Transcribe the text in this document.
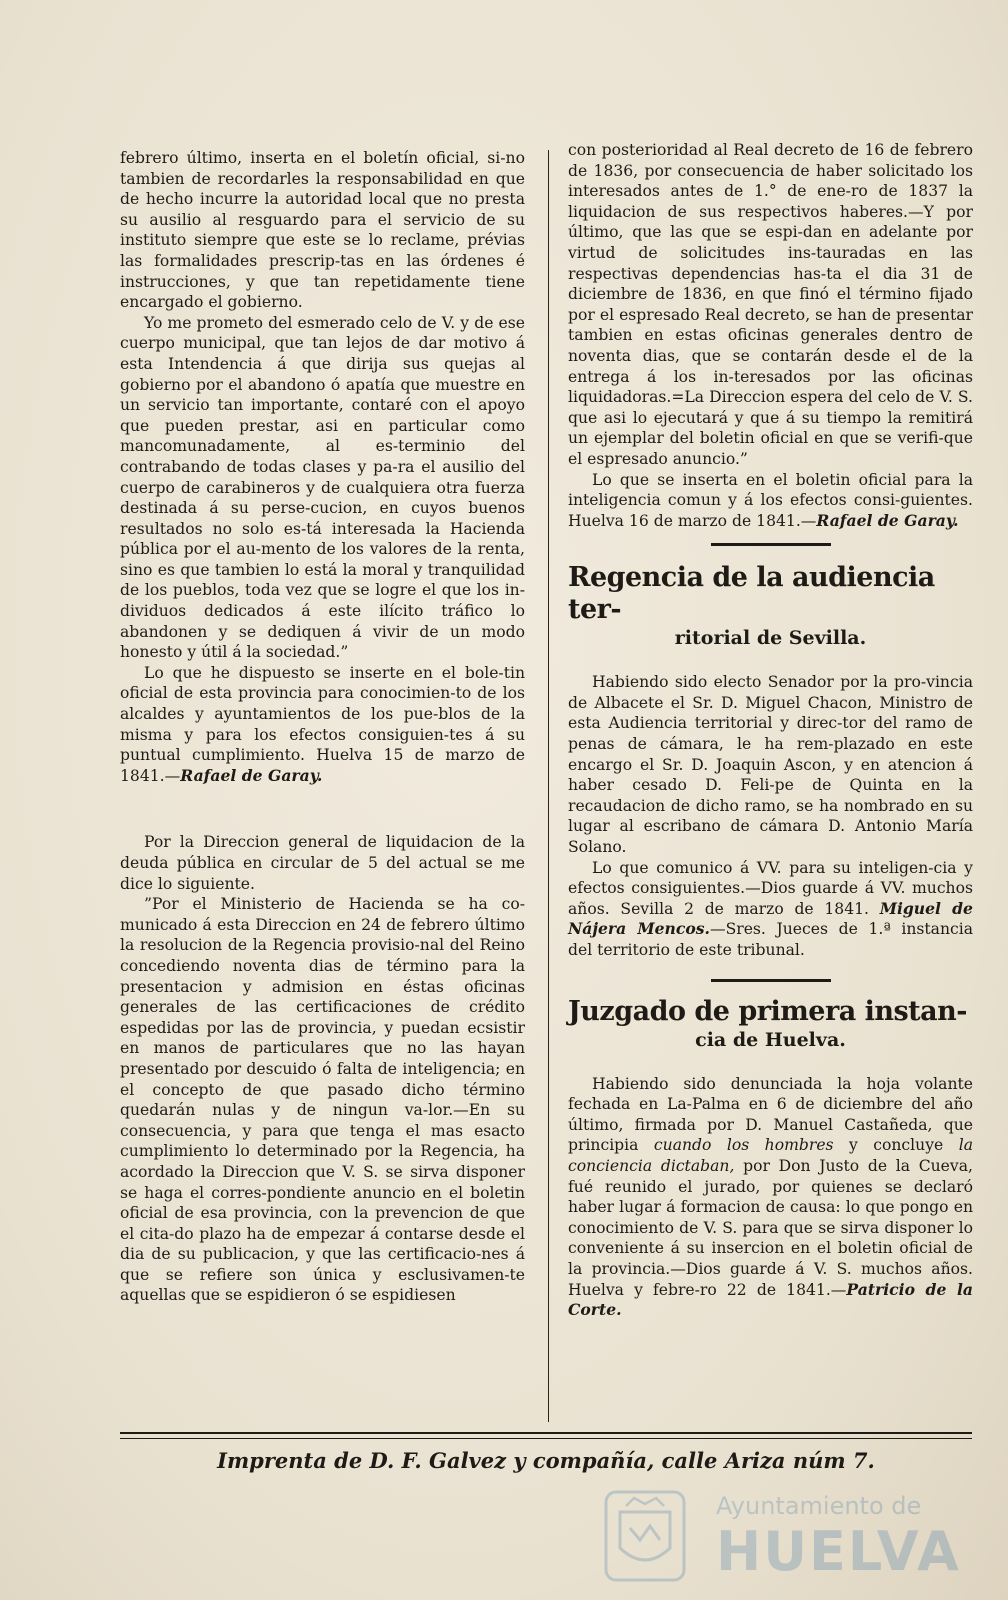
febrero último, inserta en el boletín oficial, si-no tambien de recordarles la responsabilidad en que de hecho incurre la autoridad local que no presta su ausilio al resguardo para el servicio de su instituto siempre que este se lo reclame, prévias las formalidades prescrip-tas en las órdenes é instrucciones, y que tan repetidamente tiene encargado el gobierno.

Yo me prometo del esmerado celo de V. y de ese cuerpo municipal, que tan lejos de dar motivo á esta Intendencia á que dirija sus quejas al gobierno por el abandono ó apatía que muestre en un servicio tan importante, contaré con el apoyo que pueden prestar, asi en particular como mancomunadamente, al es-terminio del contrabando de todas clases y pa-ra el ausilio del cuerpo de carabineros y de cualquiera otra fuerza destinada á su perse-cucion, en cuyos buenos resultados no solo es-tá interesada la Hacienda pública por el au-mento de los valores de la renta, sino es que tambien lo está la moral y tranquilidad de los pueblos, toda vez que se logre el que los in-dividuos dedicados á este ilícito tráfico lo abandonen y se dediquen á vivir de un modo honesto y útil á la sociedad.”

Lo que he dispuesto se inserte en el bole-tin oficial de esta provincia para conocimien-to de los alcaldes y ayuntamientos de los pue-blos de la misma y para los efectos consiguien-tes á su puntual cumplimiento. Huelva 15 de marzo de 1841.—Rafael de Garay.

Por la Direccion general de liquidacion de la deuda pública en circular de 5 del actual se me dice lo siguiente.

”Por el Ministerio de Hacienda se ha co-municado á esta Direccion en 24 de febrero último la resolucion de la Regencia provisio-nal del Reino concediendo noventa dias de término para la presentacion y admision en éstas oficinas generales de las certificaciones de crédito espedidas por las de provincia, y puedan ecsistir en manos de particulares que no las hayan presentado por descuido ó falta de inteligencia; en el concepto de que pasado dicho término quedarán nulas y de ningun va-lor.—En su consecuencia, y para que tenga el mas esacto cumplimiento lo determinado por la Regencia, ha acordado la Direccion que V. S. se sirva disponer se haga el corres-pondiente anuncio en el boletin oficial de esa provincia, con la prevencion de que el cita-do plazo ha de empezar á contarse desde el dia de su publicacion, y que las certificacio-nes á que se refiere son única y esclusivamen-te aquellas que se espidieron ó se espidiesen

con posterioridad al Real decreto de 16 de febrero de 1836, por consecuencia de haber solicitado los interesados antes de 1.° de ene-ro de 1837 la liquidacion de sus respectivos haberes.—Y por último, que las que se espi-dan en adelante por virtud de solicitudes ins-tauradas en las respectivas dependencias has-ta el dia 31 de diciembre de 1836, en que finó el término fijado por el espresado Real decreto, se han de presentar tambien en estas oficinas generales dentro de noventa dias, que se contarán desde el de la entrega á los in-teresados por las oficinas liquidadoras.=La Direccion espera del celo de V. S. que asi lo ejecutará y que á su tiempo la remitirá un ejemplar del boletin oficial en que se verifi-que el espresado anuncio.”

Lo que se inserta en el boletin oficial para la inteligencia comun y á los efectos consi-guientes. Huelva 16 de marzo de 1841.—Rafael de Garay.

Regencia de la audiencia ter-
ritorial de Sevilla.

Habiendo sido electo Senador por la pro-vincia de Albacete el Sr. D. Miguel Chacon, Ministro de esta Audiencia territorial y direc-tor del ramo de penas de cámara, le ha rem-plazado en este encargo el Sr. D. Joaquin Ascon, y en atencion á haber cesado D. Feli-pe de Quinta en la recaudacion de dicho ramo, se ha nombrado en su lugar al escribano de cámara D. Antonio María Solano.

Lo que comunico á VV. para su inteligen-cia y efectos consiguientes.—Dios guarde á VV. muchos años. Sevilla 2 de marzo de 1841. Miguel de Nájera Mencos.—Sres. Jueces de 1.ª instancia del territorio de este tribunal.

Juzgado de primera instan-
cia de Huelva.

Habiendo sido denunciada la hoja volante fechada en La-Palma en 6 de diciembre del año último, firmada por D. Manuel Castañeda, que principia cuando los hombres y concluye la conciencia dictaban, por Don Justo de la Cueva, fué reunido el jurado, por quienes se declaró haber lugar á formacion de causa: lo que pongo en conocimiento de V. S. para que se sirva disponer lo conveniente á su insercion en el boletin oficial de la provincia.—Dios guarde á V. S. muchos años. Huelva y febre-ro 22 de 1841.—Patricio de la Corte.

Imprenta de D. F. Galvez y compañía, calle Ariza núm 7.
Ayuntamiento de
HUELVA
